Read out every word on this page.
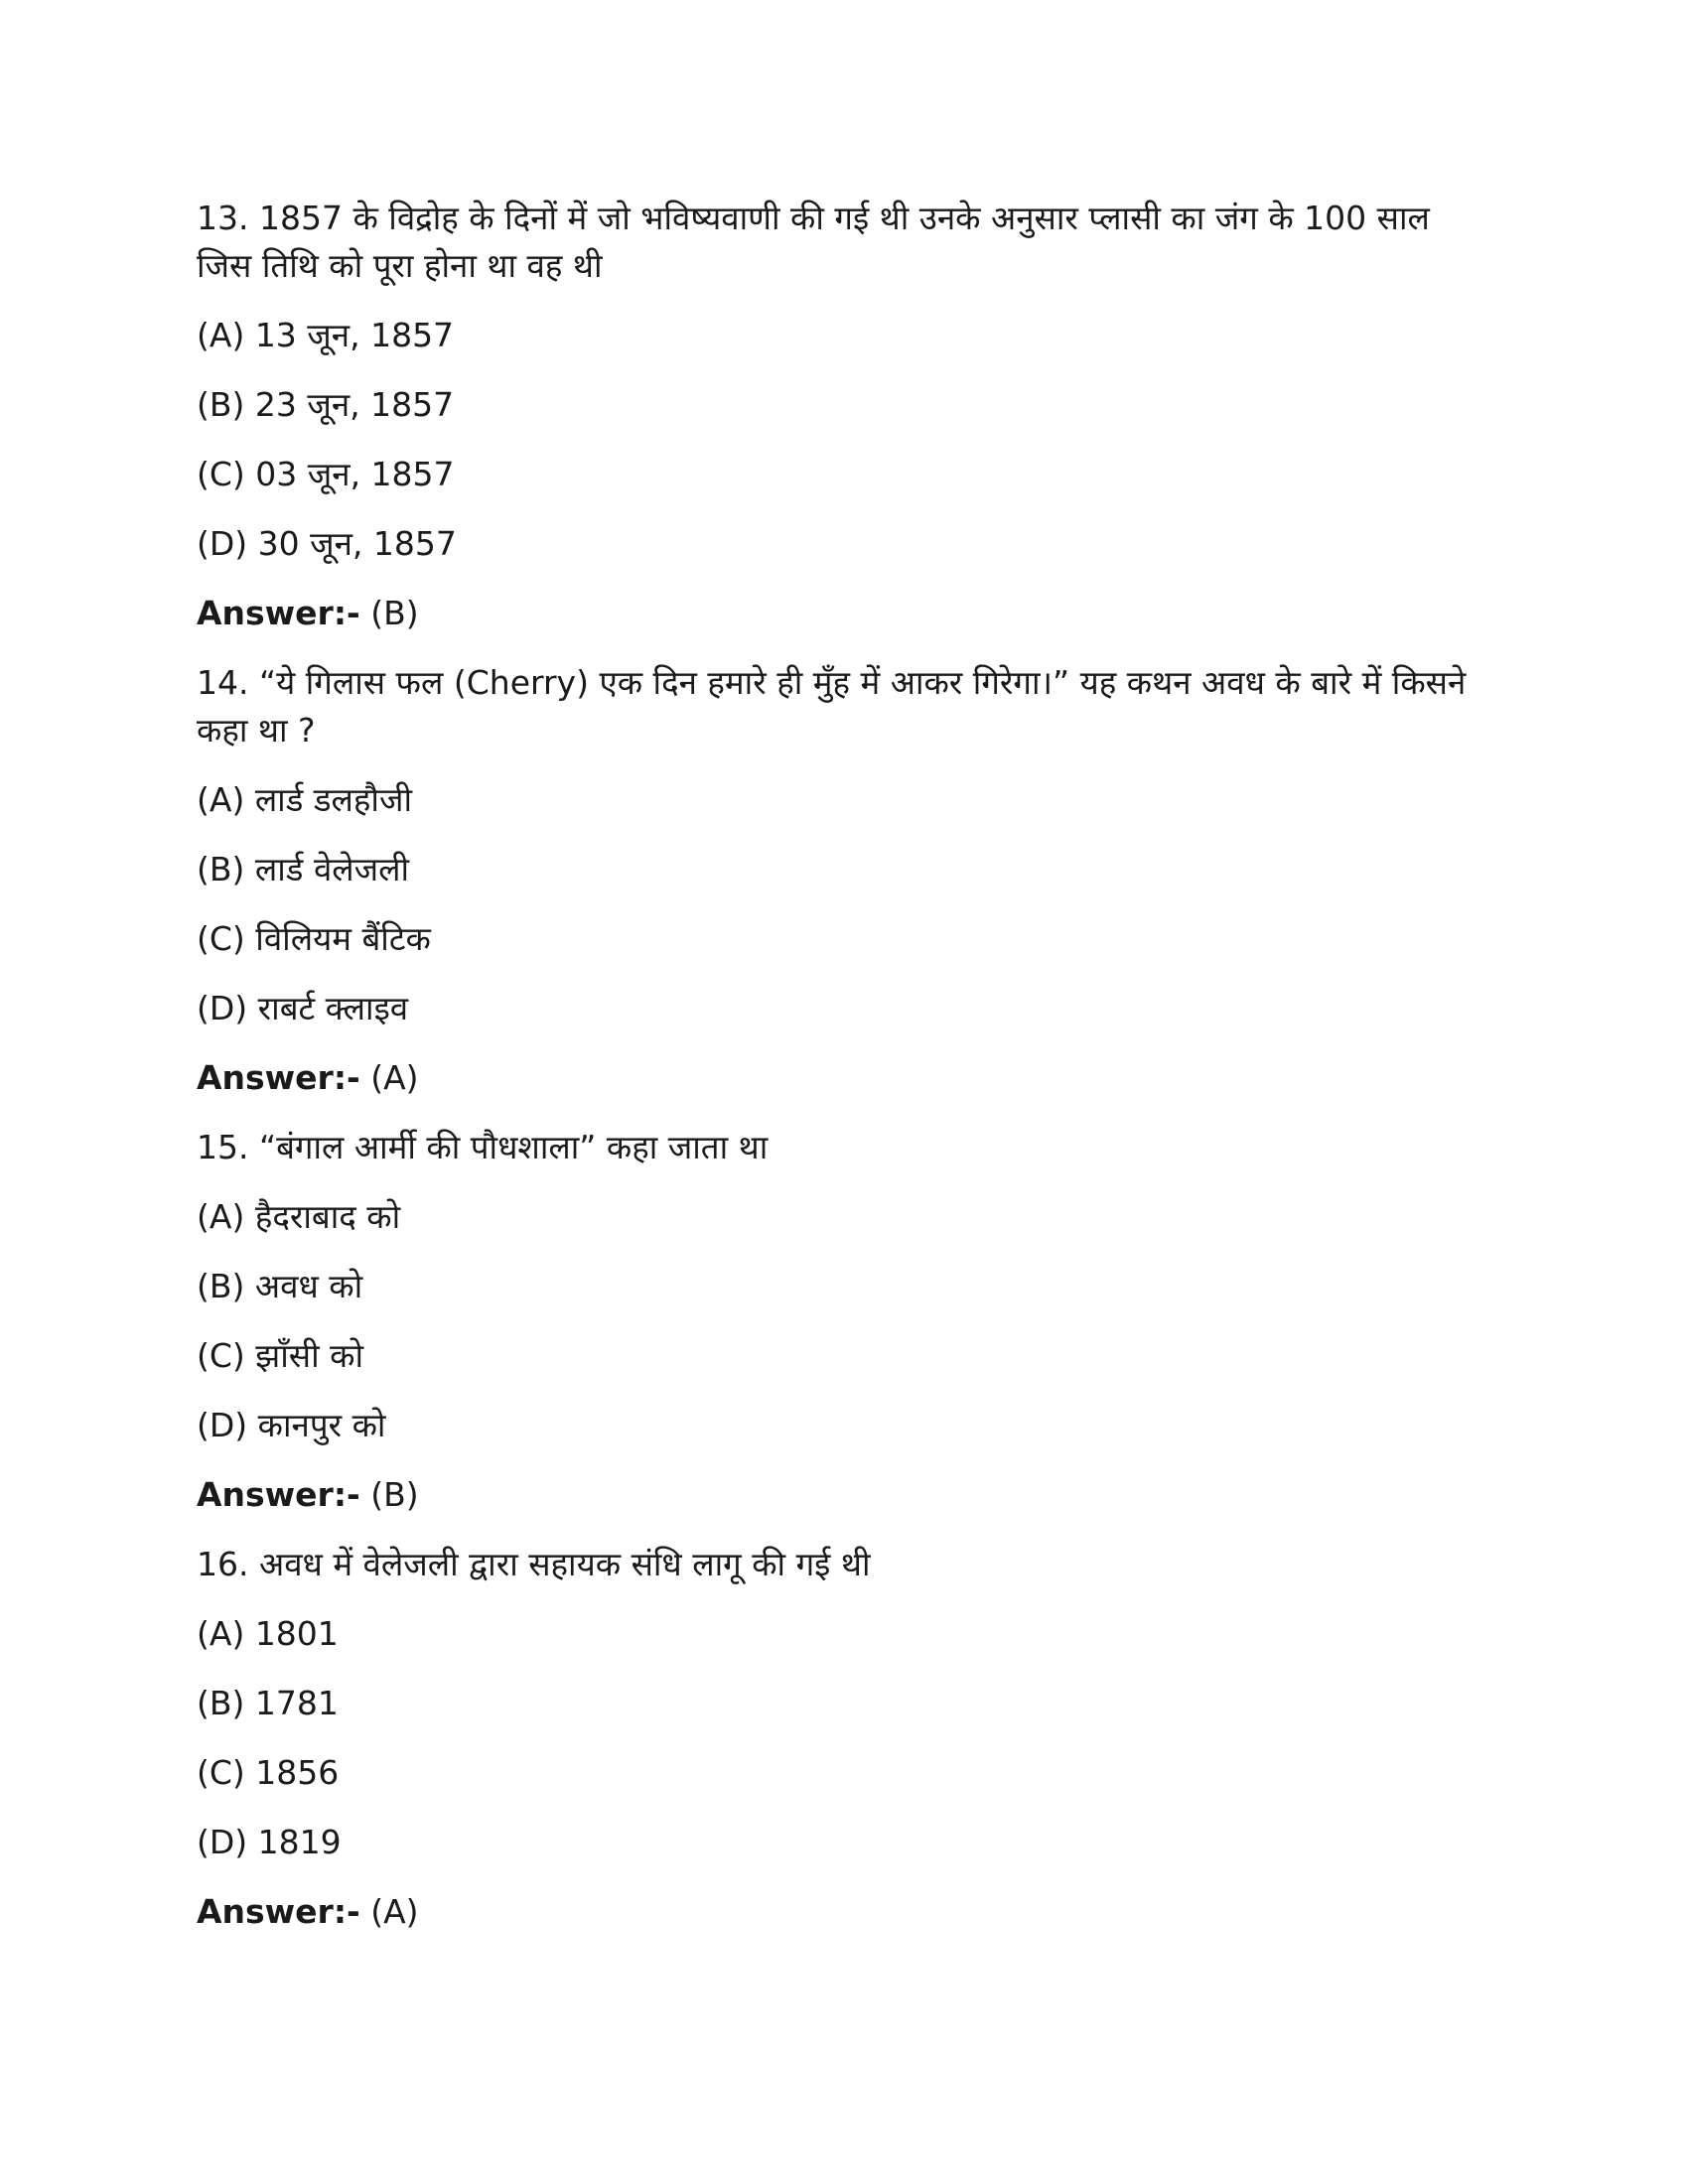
13. 1857 के विद्रोह के दिनों में जो भविष्यवाणी की गई थी उनके अनुसार प्लासी का जंग के 100 साल जिस तिथि को पूरा होना था वह थी

(A) 13 जून, 1857

(B) 23 जून, 1857

(C) 03 जून, 1857

(D) 30 जून, 1857

Answer:- (B)

14. “ये गिलास फल (Cherry) एक दिन हमारे ही मुँह में आकर गिरेगा।” यह कथन अवध के बारे में किसने कहा था ?

(A) लार्ड डलहौजी

(B) लार्ड वेलेजली

(C) विलियम बैंटिक

(D) राबर्ट क्लाइव

Answer:- (A)

15. “बंगाल आर्मी की पौधशाला” कहा जाता था

(A) हैदराबाद को

(B) अवध को

(C) झाँसी को

(D) कानपुर को

Answer:- (B)

16. अवध में वेलेजली द्वारा सहायक संधि लागू की गई थी

(A) 1801

(B) 1781

(C) 1856

(D) 1819

Answer:- (A)
